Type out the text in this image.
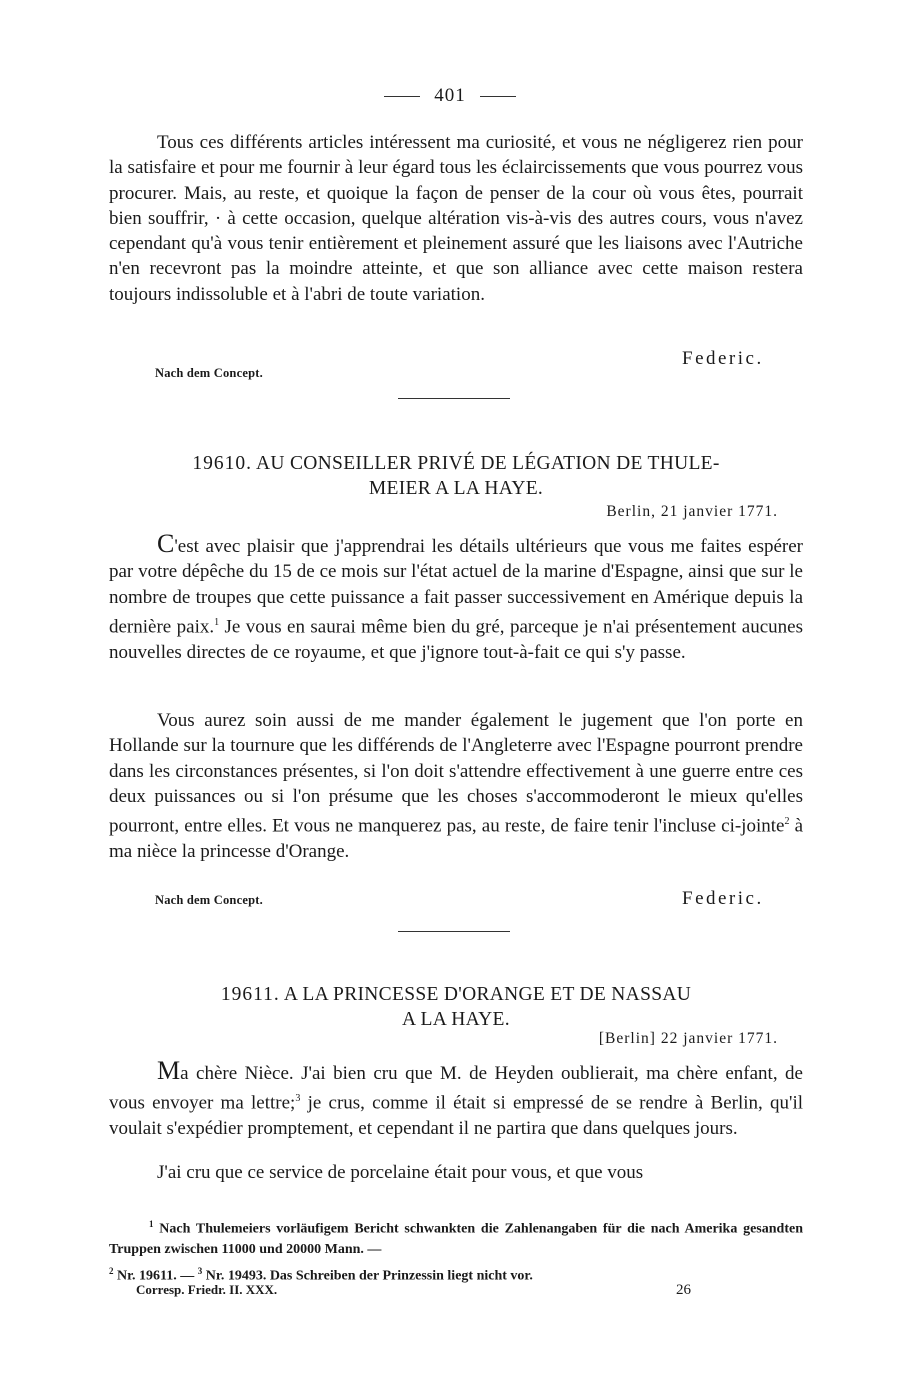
401

Tous ces différents articles intéressent ma curiosité, et vous ne négligerez rien pour la satisfaire et pour me fournir à leur égard tous les éclaircissements que vous pourrez vous procurer. Mais, au reste, et quoique la façon de penser de la cour où vous êtes, pourrait bien souffrir, · à cette occasion, quelque altération vis-à-vis des autres cours, vous n'avez cependant qu'à vous tenir entièrement et pleinement assuré que les liaisons avec l'Autriche n'en recevront pas la moindre atteinte, et que son alliance avec cette maison restera toujours indissoluble et à l'abri de toute variation.

Nach dem Concept.
Federic.
19610. AU CONSEILLER PRIVÉ DE LÉGATION DE THULE-
MEIER A LA HAYE.
Berlin, 21 janvier 1771.

C'est avec plaisir que j'apprendrai les détails ultérieurs que vous me faites espérer par votre dépêche du 15 de ce mois sur l'état actuel de la marine d'Espagne, ainsi que sur le nombre de troupes que cette puissance a fait passer successivement en Amérique depuis la dernière paix.$^1$ Je vous en saurai même bien du gré, parceque je n'ai présentement aucunes nouvelles directes de ce royaume, et que j'ignore tout-à-fait ce qui s'y passe.

Vous aurez soin aussi de me mander également le jugement que l'on porte en Hollande sur la tournure que les différends de l'Angleterre avec l'Espagne pourront prendre dans les circonstances présentes, si l'on doit s'attendre effectivement à une guerre entre ces deux puissances ou si l'on présume que les choses s'accommoderont le mieux qu'elles pourront, entre elles. Et vous ne manquerez pas, au reste, de faire tenir l'incluse ci-jointe$^2$ à ma nièce la princesse d'Orange.

Nach dem Concept.	Federic.
19611. A LA PRINCESSE D'ORANGE ET DE NASSAU
A LA HAYE.
[Berlin] 22 janvier 1771.

Ma chère Nièce. J'ai bien cru que M. de Heyden oublierait, ma chère enfant, de vous envoyer ma lettre;$^3$ je crus, comme il était si empressé de se rendre à Berlin, qu'il voulait s'expédier promptement, et cependant il ne partira que dans quelques jours.

J'ai cru que ce service de porcelaine était pour vous, et que vous

$^1$ Nach Thulemeiers vorläufigem Bericht schwankten die Zahlenangaben für die nach Amerika gesandten Truppen zwischen 11000 und 20000 Mann. —
$^2$ Nr. 19611. — $^3$ Nr. 19493. Das Schreiben der Prinzessin liegt nicht vor.

Corresp. Friedr. II. XXX.	26
